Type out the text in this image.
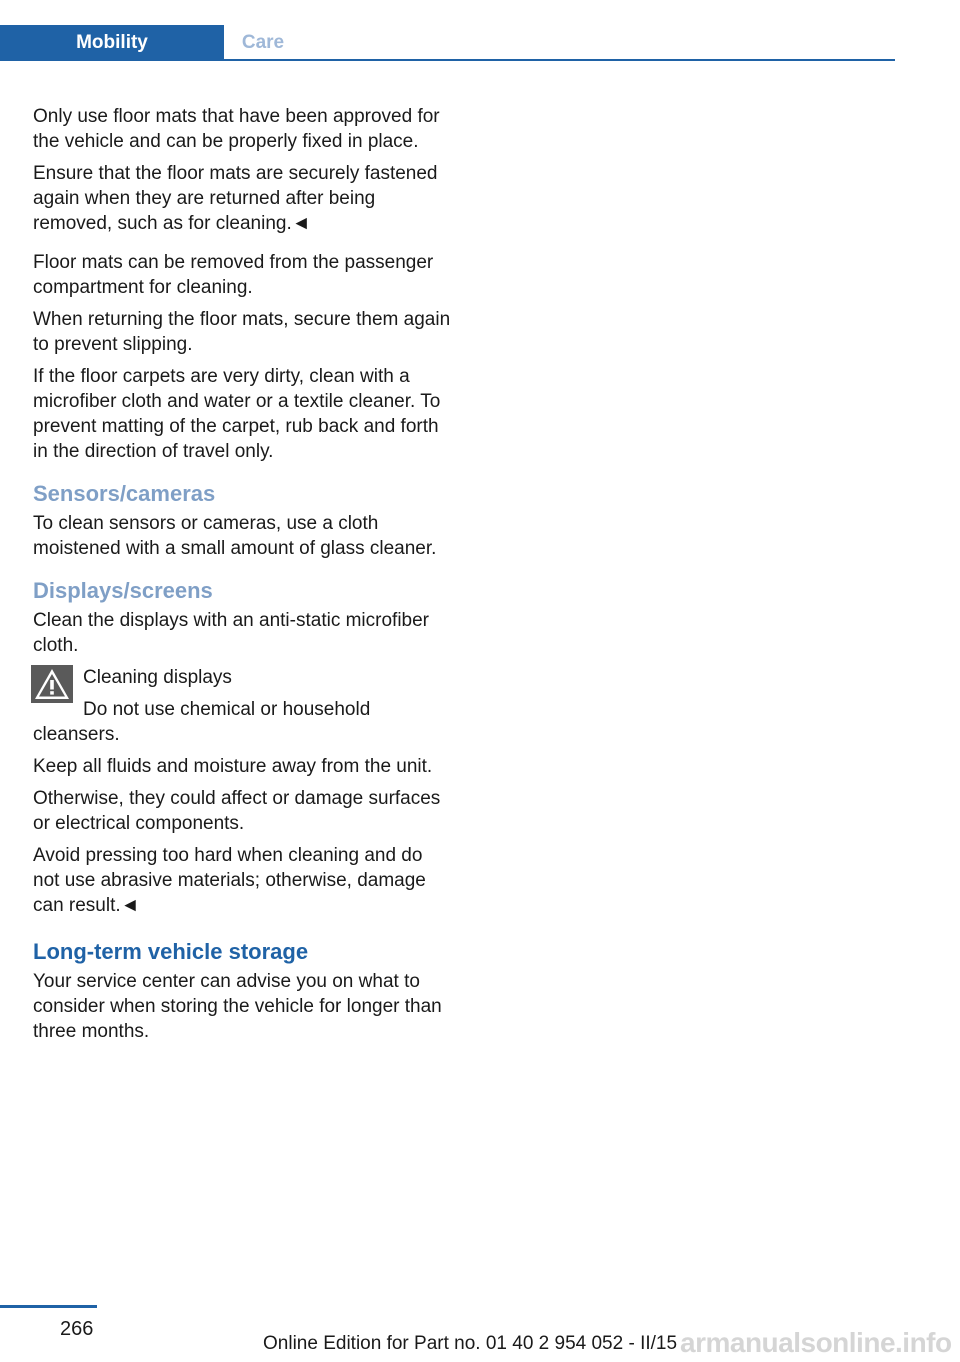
Mobility	Care

Only use floor mats that have been approved for the vehicle and can be properly fixed in place.

Ensure that the floor mats are securely fastened again when they are returned after being removed, such as for cleaning.◄

Floor mats can be removed from the passenger compartment for cleaning.

When returning the floor mats, secure them again to prevent slipping.

If the floor carpets are very dirty, clean with a microfiber cloth and water or a textile cleaner. To prevent matting of the carpet, rub back and forth in the direction of travel only.

Sensors/cameras

To clean sensors or cameras, use a cloth moistened with a small amount of glass cleaner.

Displays/screens

Clean the displays with an anti-static microfiber cloth.

Cleaning displays

Do not use chemical or household cleansers.

Keep all fluids and moisture away from the unit.

Otherwise, they could affect or damage surfaces or electrical components.

Avoid pressing too hard when cleaning and do not use abrasive materials; otherwise, damage can result.◄

Long-term vehicle storage

Your service center can advise you on what to consider when storing the vehicle for longer than three months.

266
Online Edition for Part no. 01 40 2 954 052 - II/15 armanualsonline.info
